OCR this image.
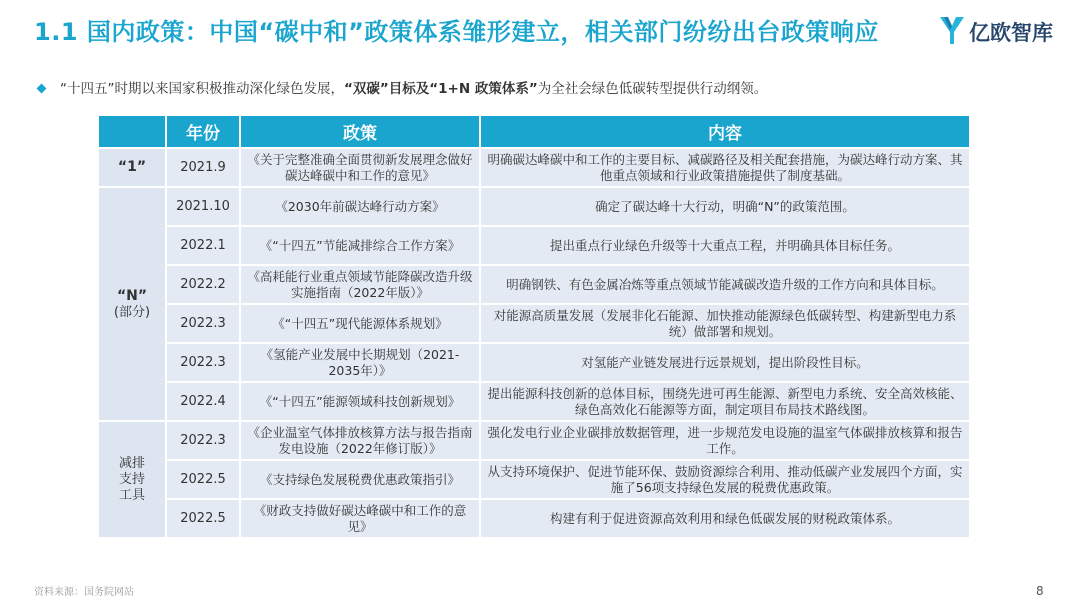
1.1 国内政策：中国“碳中和”政策体系雏形建立，相关部门纷纷出台政策响应	亿欧智库
“十四五”时期以来国家积极推动深化绿色发展，“双碳”目标及“1+N 政策体系”为全社会绿色低碳转型提供行动纲领。
	年份	政策	内容
“1”	2021.9	《关于完整准确全面贯彻新发展理念做好碳达峰碳中和工作的意见》	明确碳达峰碳中和工作的主要目标、减碳路径及相关配套措施，为碳达峰行动方案、其他重点领域和行业政策措施提供了制度基础。
“N”
(部分)	2021.10	《2030年前碳达峰行动方案》	确定了碳达峰十大行动，明确“N”的政策范围。
	2022.1	《“十四五”节能减排综合工作方案》	提出重点行业绿色升级等十大重点工程，并明确具体目标任务。
	2022.2	《高耗能行业重点领域节能降碳改造升级实施指南（2022年版）》	明确钢铁、有色金属冶炼等重点领域节能减碳改造升级的工作方向和具体目标。
	2022.3	《“十四五”现代能源体系规划》	对能源高质量发展（发展非化石能源、加快推动能源绿色低碳转型、构建新型电力系统）做部署和规划。
	2022.3	《氢能产业发展中长期规划（2021-2035年）》	对氢能产业链发展进行远景规划，提出阶段性目标。
	2022.4	《“十四五”能源领域科技创新规划》	提出能源科技创新的总体目标，围绕先进可再生能源、新型电力系统、安全高效核能、绿色高效化石能源等方面，制定项目布局技术路线图。
减排
支持
工具	2022.3	《企业温室气体排放核算方法与报告指南发电设施（2022年修订版）》	强化发电行业企业碳排放数据管理，进一步规范发电设施的温室气体碳排放核算和报告工作。
	2022.5	《支持绿色发展税费优惠政策指引》	从支持环境保护、促进节能环保、鼓励资源综合利用、推动低碳产业发展四个方面，实施了56项支持绿色发展的税费优惠政策。
	2022.5	《财政支持做好碳达峰碳中和工作的意见》	构建有利于促进资源高效利用和绿色低碳发展的财税政策体系。
资料来源：国务院网站	8
